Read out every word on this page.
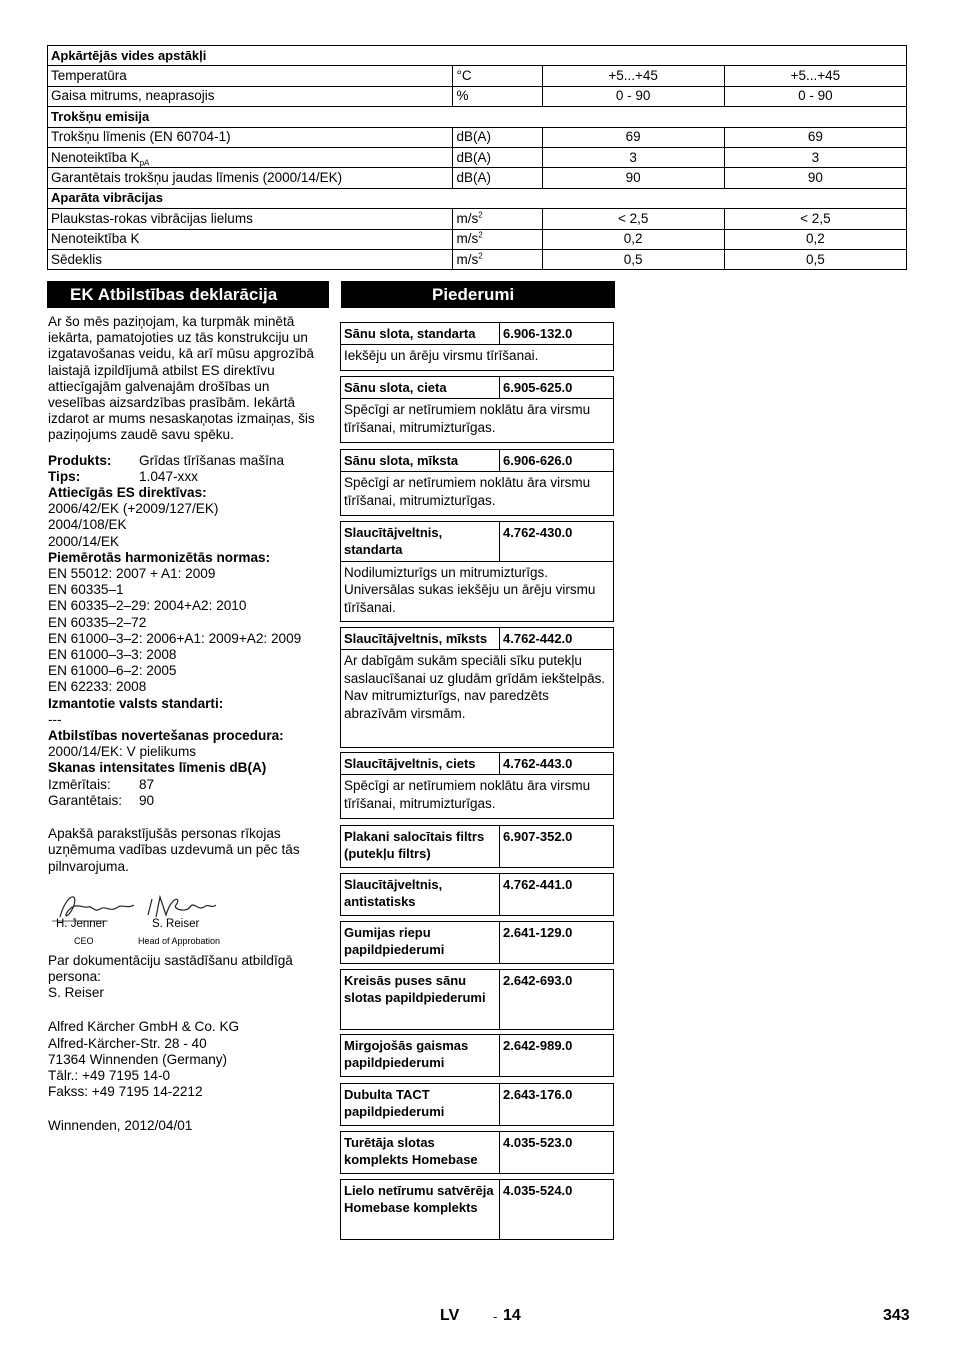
Apkārtējās vides apstākļi			
Temperatūra	°C	+5...+45	+5...+45
Gaisa mitrums, neaprasojis	%	0 - 90	0 - 90
Trokšņu emisija			
Trokšņu līmenis (EN 60704-1)	dB(A)	69	69
Nenoteiktība $K_{pA}$	dB(A)	3	3
Garantētais trokšņu jaudas līmenis (2000/14/EK)	dB(A)	90	90
Aparāta vibrācijas			
Plaukstas-rokas vibrācijas lielums	$m/s^2$	< 2,5	< 2,5
Nenoteiktība K	$m/s^2$	0,2	0,2
Sēdeklis	$m/s^2$	0,5	0,5
EK Atbilstības deklarācija	Piederumi

Ar šo mēs paziņojam, ka turpmāk minētā iekārta, pamatojoties uz tās konstrukciju un izgatavošanas veidu, kā arī mūsu apgrozībā laistajā izpildījumā atbilst ES direktīvu attiecīgajām galvenajām drošības un veselības aizsardzības prasībām. Iekārtā izdarot ar mums nesaskaņotas izmaiņas, šis paziņojums zaudē savu spēku.

Produkts:	Grīdas tīrīšanas mašīna
Tips:	1.047-xxx

Attiecīgās ES direktīvas:

2006/42/EK (+2009/127/EK)

2004/108/EK

2000/14/EK

Piemērotās harmonizētās normas:

EN 55012: 2007 + A1: 2009

EN 60335–1

EN 60335–2–29: 2004+A2: 2010

EN 60335–2–72

EN 61000–3–2: 2006+A1: 2009+A2: 2009

EN 61000–3–3: 2008

EN 61000–6–2: 2005

EN 62233: 2008

Izmantotie valsts standarti:

---

Atbilstības novertešanas procedura:

2000/14/EK: V pielikums

Skanas intensitates līmenis dB(A)

Izmērītais:	87
Garantētais:	90

Apakšā parakstījušās personas rīkojas uzņēmuma vadības uzdevumā un pēc tās pilnvarojuma.

H. Jenner
CEO
S. Reiser
Head of Approbation

Par dokumentāciju sastādīšanu atbildīgā persona:

S. Reiser

Alfred Kärcher GmbH & Co. KG

Alfred-Kärcher-Str. 28 - 40

71364 Winnenden (Germany)

Tālr.: +49 7195 14-0

Fakss: +49 7195 14-2212

Winnenden, 2012/04/01

Sānu slota, standarta	6.906-132.0
Iekšēju un ārēju virsmu tīrīšanai.
Sānu slota, cieta	6.905-625.0
Spēcīgi ar netīrumiem noklātu āra virsmu tīrīšanai, mitrumizturīgas.
Sānu slota, mīksta	6.906-626.0
Spēcīgi ar netīrumiem noklātu āra virsmu tīrīšanai, mitrumizturīgas.
Slaucītājveltnis, standarta
4.762-430.0
Nodilumizturīgs un mitrumizturīgs. Universālas sukas iekšēju un ārēju virsmu tīrīšanai.
Slaucītājveltnis, mīksts	4.762-442.0
Ar dabīgām sukām speciāli sīku putekļu saslaucīšanai uz gludām grīdām iekštelpās. Nav mitrumizturīgs, nav paredzēts abrazīvām virsmām.
Slaucītājveltnis, ciets	4.762-443.0
Spēcīgi ar netīrumiem noklātu āra virsmu tīrīšanai, mitrumizturīgas.
Plakani salocītais filtrs (putekļu filtrs)
6.907-352.0
Slaucītājveltnis, antistatisks
4.762-441.0
Gumijas riepu papildpiederumi
2.641-129.0
Kreisās puses sānu slotas papildpiederumi
2.642-693.0
Mirgojošās gaismas papildpiederumi
2.642-989.0
Dubulta TACT papildpiederumi
2.643-176.0
Turētāja slotas komplekts Homebase
4.035-523.0
Lielo netīrumu satvērēja Homebase komplekts
4.035-524.0
LV	- 14	343
